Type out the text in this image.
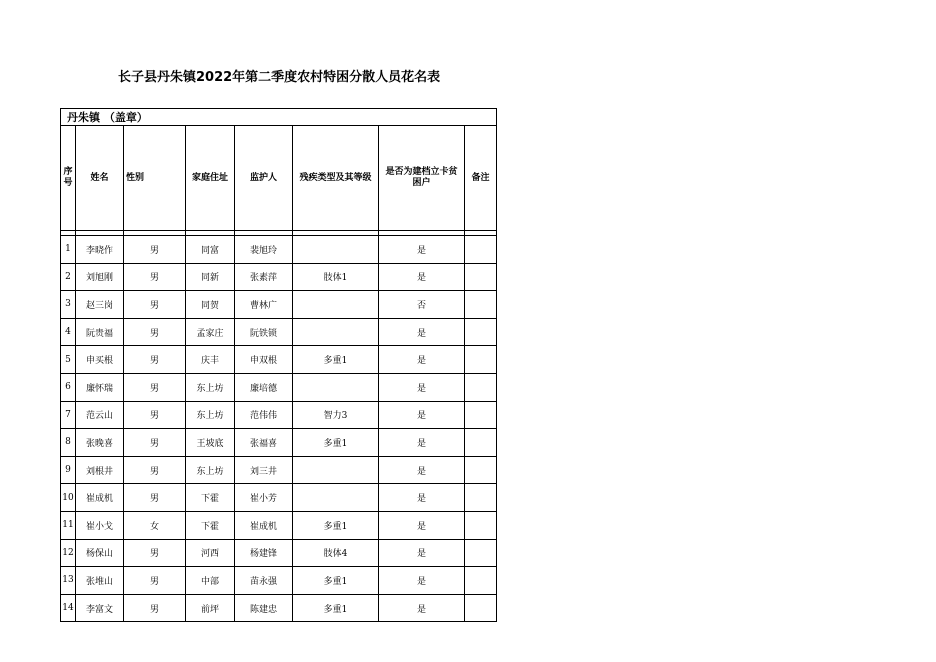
长子县丹朱镇2022年第二季度农村特困分散人员花名表
丹朱镇 （盖章）							
序号	姓名	性别	家庭住址	监护人	残疾类型及其等级	是否为建档立卡贫困户	备注

1	李晓作	男	同富	裴旭玲		是	
2	刘旭刚	男	同新	张素萍	肢体1	是	
3	赵三岗	男	同贺	曹林广		否	
4	阮贵福	男	孟家庄	阮铁锁		是	
5	申买根	男	庆丰	申双根	多重1	是	
6	廉怀瑞	男	东上坊	廉培德		是	
7	范云山	男	东上坊	范伟伟	智力3	是	
8	张晚喜	男	王坡底	张福喜	多重1	是	
9	刘根井	男	东上坊	刘三井		是	
10	崔成机	男	下霍	崔小芳		是	
11	崔小戈	女	下霍	崔成机	多重1	是	
12	杨保山	男	河西	杨建锋	肢体4	是	
13	张堆山	男	中部	苗永强	多重1	是	
14	李富文	男	前坪	陈建忠	多重1	是	
